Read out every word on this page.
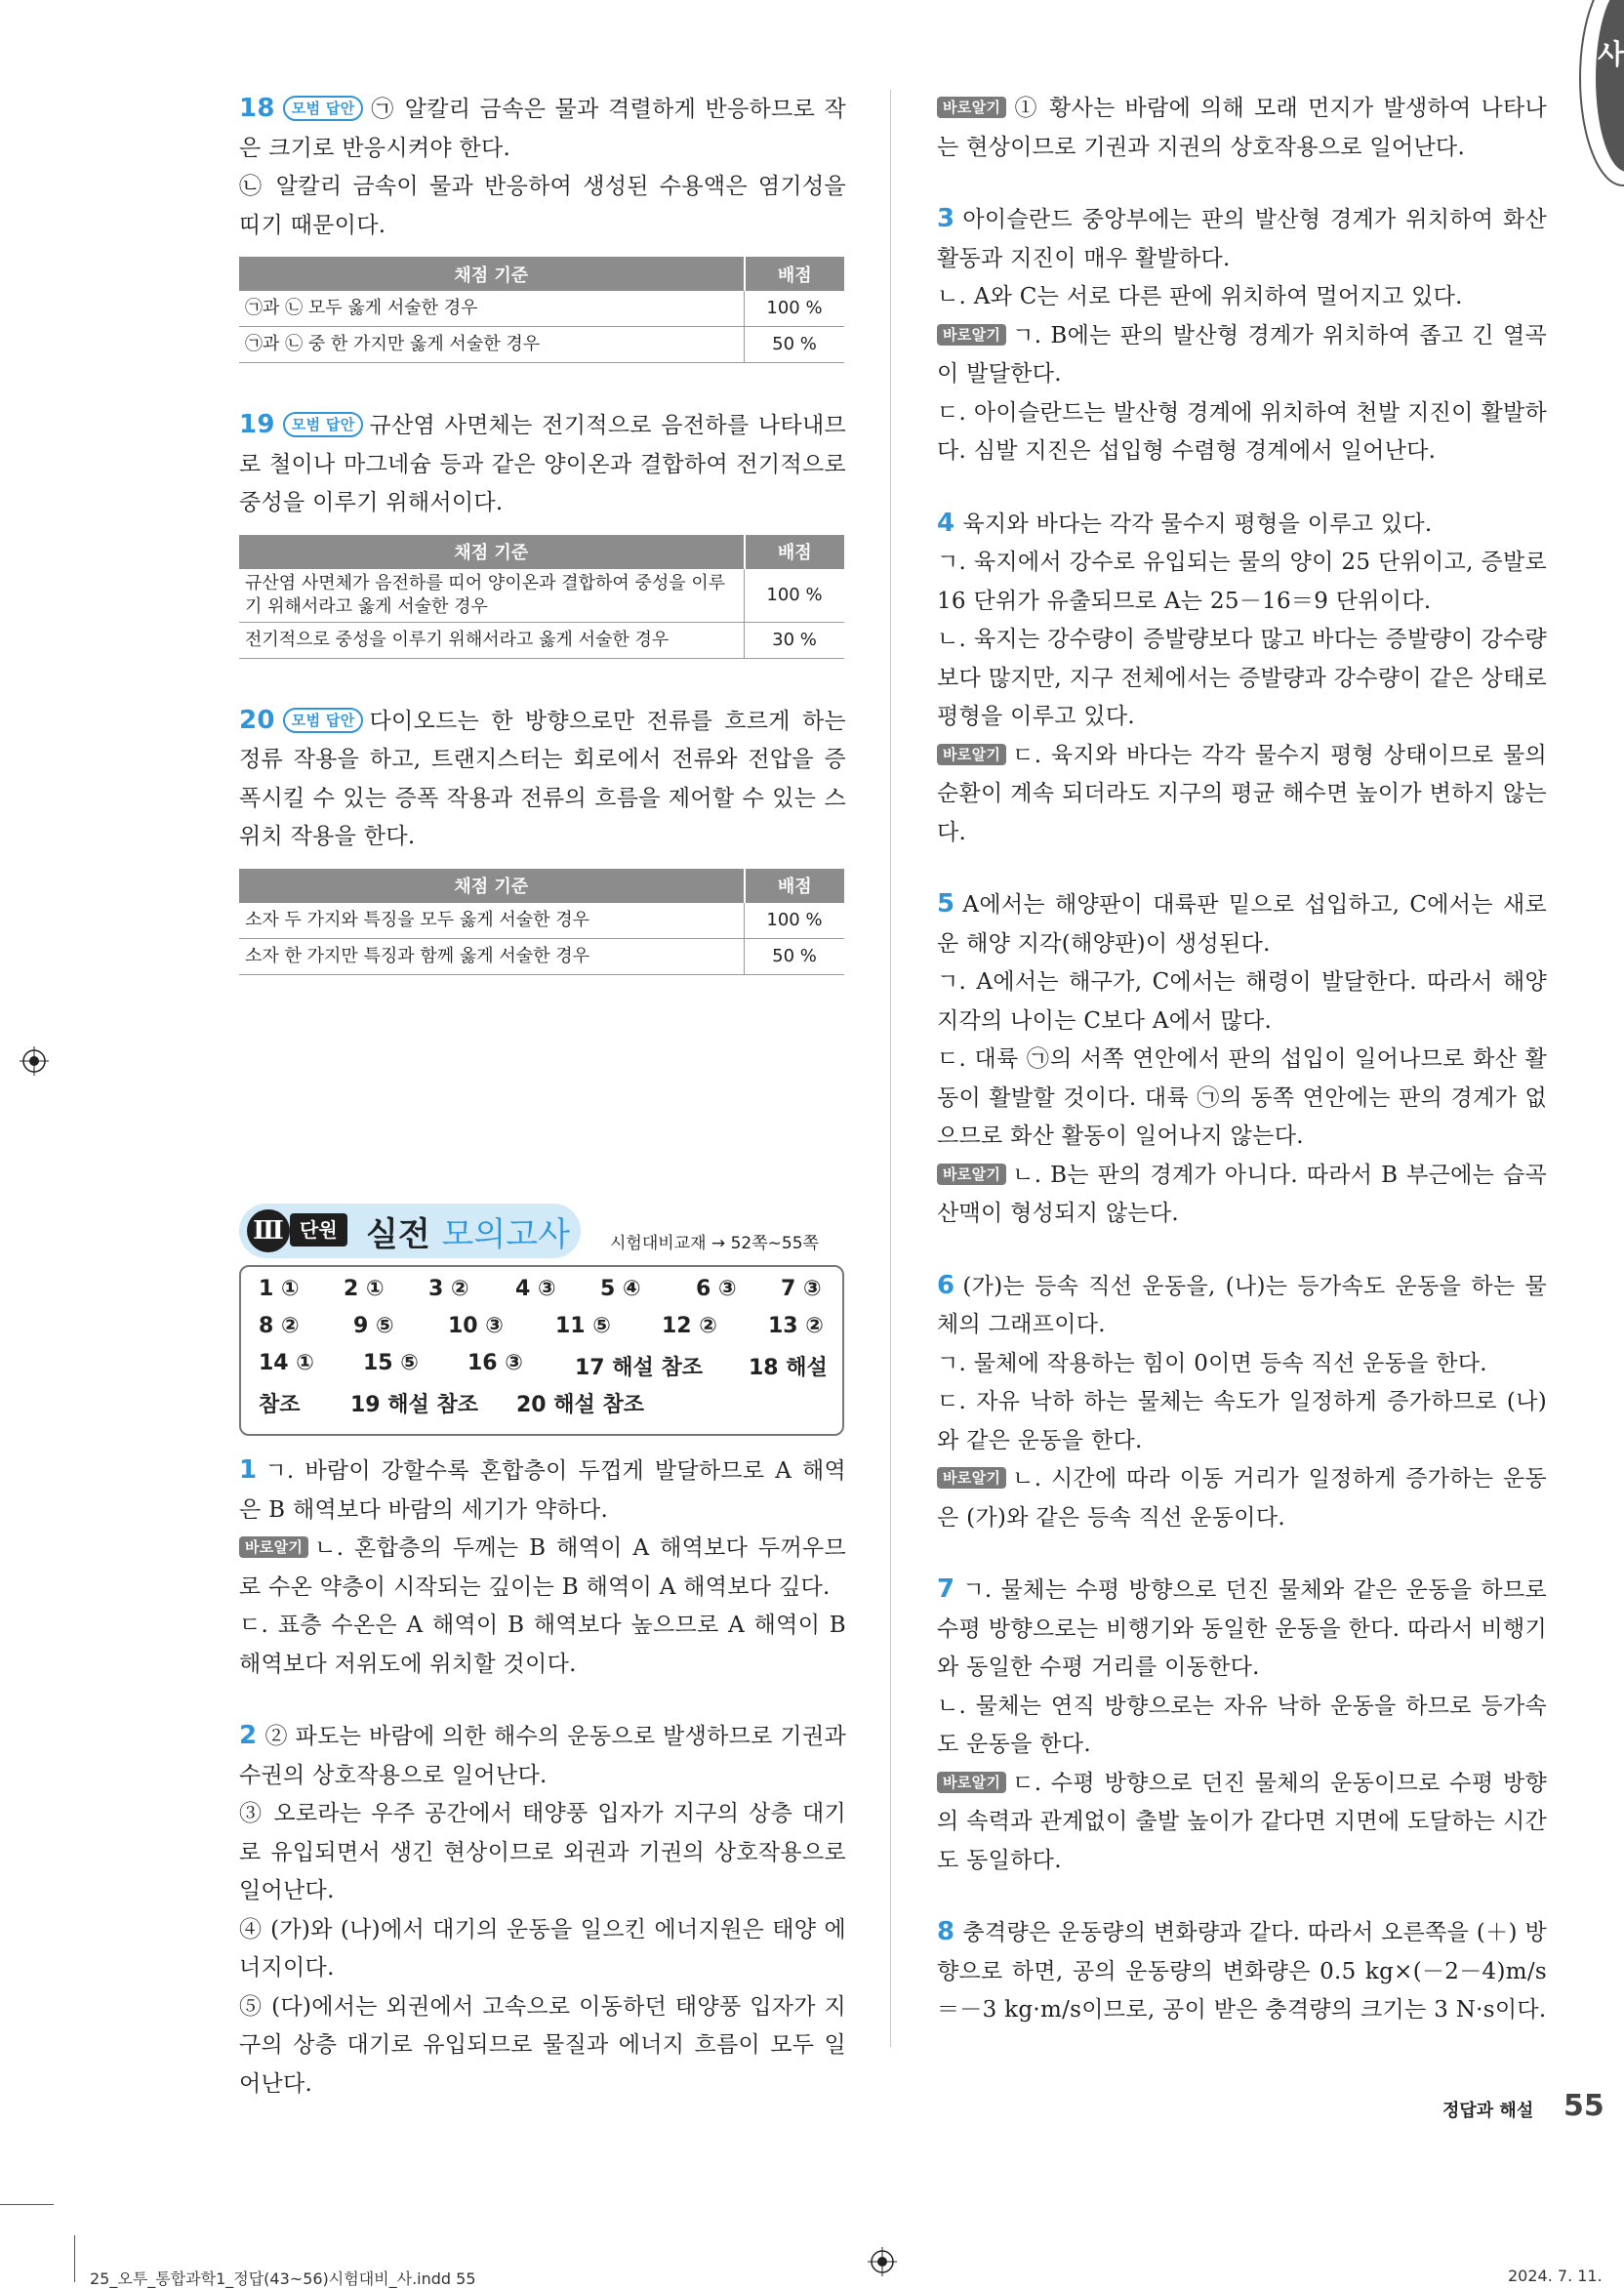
사

18 모범 답안 ㉠ 알칼리 금속은 물과 격렬하게 반응하므로 작은 크기로 반응시켜야 한다.

㉡ 알칼리 금속이 물과 반응하여 생성된 수용액은 염기성을 띠기 때문이다.

채점 기준	배점
㉠과 ㉡ 모두 옳게 서술한 경우	100 %
㉠과 ㉡ 중 한 가지만 옳게 서술한 경우	50 %

19 모범 답안 규산염 사면체는 전기적으로 음전하를 나타내므로 철이나 마그네슘 등과 같은 양이온과 결합하여 전기적으로 중성을 이루기 위해서이다.

채점 기준	배점
규산염 사면체가 음전하를 띠어 양이온과 결합하여 중성을 이루기 위해서라고 옳게 서술한 경우	100 %
전기적으로 중성을 이루기 위해서라고 옳게 서술한 경우	30 %

20 모범 답안 다이오드는 한 방향으로만 전류를 흐르게 하는 정류 작용을 하고, 트랜지스터는 회로에서 전류와 전압을 증폭시킬 수 있는 증폭 작용과 전류의 흐름을 제어할 수 있는 스위치 작용을 한다.

채점 기준	배점
소자 두 가지와 특징을 모두 옳게 서술한 경우	100 %
소자 한 가지만 특징과 함께 옳게 서술한 경우	50 %
Ⅲ 단원 실전 모의고사 시험대비교재 → 52쪽∼55쪽
1 ① 2 ① 3 ② 4 ③ 5 ④	6 ③ 7 ③
8 ②	9 ⑤	10 ③ 11 ⑤ 12 ② 13 ②
14 ① 15 ⑤ 16 ③ 17 해설 참조 18 해설
참조 19 해설 참조 20 해설 참조

1 ㄱ. 바람이 강할수록 혼합층이 두껍게 발달하므로 A 해역은 B 해역보다 바람의 세기가 약하다.

바로알기 ㄴ. 혼합층의 두께는 B 해역이 A 해역보다 두꺼우므로 수온 약층이 시작되는 깊이는 B 해역이 A 해역보다 깊다.

ㄷ. 표층 수온은 A 해역이 B 해역보다 높으므로 A 해역이 B 해역보다 저위도에 위치할 것이다.

2 ② 파도는 바람에 의한 해수의 운동으로 발생하므로 기권과 수권의 상호작용으로 일어난다.

③ 오로라는 우주 공간에서 태양풍 입자가 지구의 상층 대기로 유입되면서 생긴 현상이므로 외권과 기권의 상호작용으로 일어난다.

④ (가)와 (나)에서 대기의 운동을 일으킨 에너지원은 태양 에너지이다.

⑤ (다)에서는 외권에서 고속으로 이동하던 태양풍 입자가 지구의 상층 대기로 유입되므로 물질과 에너지 흐름이 모두 일어난다.

바로알기 ① 황사는 바람에 의해 모래 먼지가 발생하여 나타나는 현상이므로 기권과 지권의 상호작용으로 일어난다.

3 아이슬란드 중앙부에는 판의 발산형 경계가 위치하여 화산 활동과 지진이 매우 활발하다.

ㄴ. A와 C는 서로 다른 판에 위치하여 멀어지고 있다.

바로알기 ㄱ. B에는 판의 발산형 경계가 위치하여 좁고 긴 열곡이 발달한다.

ㄷ. 아이슬란드는 발산형 경계에 위치하여 천발 지진이 활발하다. 심발 지진은 섭입형 수렴형 경계에서 일어난다.

4 육지와 바다는 각각 물수지 평형을 이루고 있다.

ㄱ. 육지에서 강수로 유입되는 물의 양이 25 단위이고, 증발로 16 단위가 유출되므로 A는 25－16＝9 단위이다.

ㄴ. 육지는 강수량이 증발량보다 많고 바다는 증발량이 강수량보다 많지만, 지구 전체에서는 증발량과 강수량이 같은 상태로 평형을 이루고 있다.

바로알기 ㄷ. 육지와 바다는 각각 물수지 평형 상태이므로 물의 순환이 계속 되더라도 지구의 평균 해수면 높이가 변하지 않는다.

5 A에서는 해양판이 대륙판 밑으로 섭입하고, C에서는 새로운 해양 지각(해양판)이 생성된다.

ㄱ. A에서는 해구가, C에서는 해령이 발달한다. 따라서 해양 지각의 나이는 C보다 A에서 많다.

ㄷ. 대륙 ㉠의 서쪽 연안에서 판의 섭입이 일어나므로 화산 활동이 활발할 것이다. 대륙 ㉠의 동쪽 연안에는 판의 경계가 없으므로 화산 활동이 일어나지 않는다.

바로알기 ㄴ. B는 판의 경계가 아니다. 따라서 B 부근에는 습곡 산맥이 형성되지 않는다.

6 (가)는 등속 직선 운동을, (나)는 등가속도 운동을 하는 물체의 그래프이다.

ㄱ. 물체에 작용하는 힘이 0이면 등속 직선 운동을 한다.

ㄷ. 자유 낙하 하는 물체는 속도가 일정하게 증가하므로 (나)와 같은 운동을 한다.

바로알기 ㄴ. 시간에 따라 이동 거리가 일정하게 증가하는 운동은 (가)와 같은 등속 직선 운동이다.

7 ㄱ. 물체는 수평 방향으로 던진 물체와 같은 운동을 하므로 수평 방향으로는 비행기와 동일한 운동을 한다. 따라서 비행기와 동일한 수평 거리를 이동한다.

ㄴ. 물체는 연직 방향으로는 자유 낙하 운동을 하므로 등가속도 운동을 한다.

바로알기 ㄷ. 수평 방향으로 던진 물체의 운동이므로 수평 방향의 속력과 관계없이 출발 높이가 같다면 지면에 도달하는 시간도 동일하다.

8 충격량은 운동량의 변화량과 같다. 따라서 오른쪽을 (＋) 방향으로 하면, 공의 운동량의 변화량은 0.5 kg×(－2－4)m/s ＝－3 kg·m/s이므로, 공이 받은 충격량의 크기는 3 N·s이다.

정답과 해설 55
25_오투_통합과학1_정답(43~56)시험대비_사.indd 55	2024. 7. 11.
